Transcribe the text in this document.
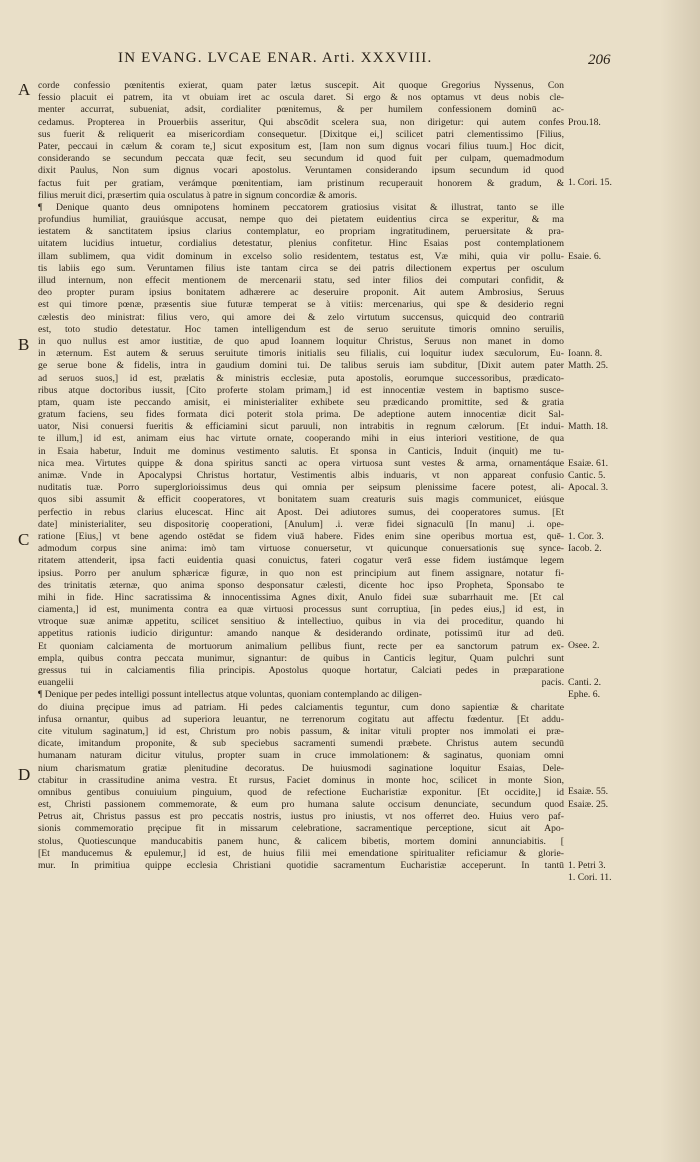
IN EVANG. LVCAE ENAR. Arti. XXXVIII.	206
A
B
C
D
corde confessio pœnitentis exierat, quam pater lætus suscepit. Ait quoque Gregorius Nyssenus, Con
fessio placuit ei patrem, ita vt obuiam iret ac oscula daret. Si ergo & nos optamus vt deus nobis cle-
menter accurrat, subueniat, adsit, cordialiter pœnitemus, & per humilem confessionem dominū ac-
cedamus. Propterea in Prouerbiis asseritur, Qui abscōdit scelera sua, non dirigetur: qui autem confes
sus fuerit & reliquerit ea misericordiam consequetur. [Dixitque ei,] scilicet patri clementissimo [Filius,
Pater, peccaui in cælum & coram te,] sicut expositum est, [Iam non sum dignus vocari filius tuum.] Hoc dicit,
considerando se secundum peccata quæ fecit, seu secundum id quod fuit per culpam, quemadmodum
dixit Paulus, Non sum dignus vocari apostolus. Veruntamen considerando ipsum secundum id quod
factus fuit per gratiam, verámque pœnitentiam, iam pristinum recuperauit honorem & gradum, &
filius meruit dici, præsertim quia osculatus à patre in signum concordiæ & amoris.
¶ Denique quanto deus omnipotens hominem peccatorem gratiosius visitat & illustrat, tanto se ille
profundius humiliat, grauiúsque accusat, nempe quo dei pietatem euidentius circa se experitur, & ma
iestatem & sanctitatem ipsius clarius contemplatur, eo propriam ingratitudinem, peruersitate & pra-
uitatem lucidius intuetur, cordialius detestatur, plenius confitetur. Hinc Esaias post contemplationem
illam sublimem, qua vidit dominum in excelso solio residentem, testatus est, Væ mihi, quia vir pollu-
tis labiis ego sum. Veruntamen filius iste tantam circa se dei patris dilectionem expertus per osculum
illud internum, non effecit mentionem de mercenarii statu, sed inter filios dei computari confidit, &
deo propter puram ipsius bonitatem adhærere ac deseruire proponit. Ait autem Ambrosius, Seruus
est qui timore pœnæ, præsentis siue futuræ temperat se à vitiis: mercenarius, qui spe & desiderio regni
cælestis deo ministrat: filius vero, qui amore dei & zelo virtutum succensus, quicquid deo contrariū
est, toto studio detestatur. Hoc tamen intelligendum est de seruo seruitute timoris omnino seruilis,
in quo nullus est amor iustitiæ, de quo apud Ioannem loquitur Christus, Seruus non manet in domo
in æternum. Est autem & seruus seruitute timoris initialis seu filialis, cui loquitur iudex sæculorum, Eu-
ge serue bone & fidelis, intra in gaudium domini tui. De talibus seruis iam subditur, [Dixit autem pater
ad seruos suos,] id est, prælatis & ministris ecclesiæ, puta apostolis, eorumque successoribus, prædicato-
ribus atque doctoribus iussit, [Cito proferte stolam primam,] id est innocentiæ vestem in baptismo susce-
ptam, quam iste peccando amisit, ei ministerialiter exhibete seu prædicando promittite, sed & gratia
gratum faciens, seu fides formata dici poterit stola prima. De adeptione autem innocentiæ dicit Sal-
uator, Nisi conuersi fueritis & efficiamini sicut paruuli, non intrabitis in regnum cælorum. [Et indui-
te illum,] id est, animam eius hac virtute ornate, cooperando mihi in eius interiori vestitione, de qua
in Esaia habetur, Induit me dominus vestimento salutis. Et sponsa in Canticis, Induit (inquit) me tu-
nica mea. Virtutes quippe & dona spiritus sancti ac opera virtuosa sunt vestes & arma, ornamentáque
animæ. Vnde in Apocalypsi Christus hortatur, Vestimentis albis induaris, vt non appareat confusio
nuditatis tuæ. Porro superglorioissimus deus qui omnia per seipsum plenissime facere potest, ali-
quos sibi assumit & efficit cooperatores, vt bonitatem suam creaturis suis magis communicet, eiúsque
perfectio in rebus clarius elucescat. Hinc ait Apost. Dei adiutores sumus, dei cooperatores sumus. [Et
date] ministerialiter, seu dispositorię cooperationi, [Anulum] .i. veræ fidei signaculū [In manu] .i. ope-
ratione [Eius,] vt bene agendo ostēdat se fidem viuā habere. Fides enim sine operibus mortua est, quē-
admodum corpus sine anima: imò tam virtuose conuersetur, vt quicunque conuersationis suę synce-
ritatem attenderit, ipsa facti euidentia quasi conuictus, fateri cogatur verā esse fidem iustámque legem
ipsius. Porro per anulum sphæricæ figuræ, in quo non est principium aut finem assignare, notatur fi-
des trinitatis æternæ, quo anima sponso desponsatur cælesti, dicente hoc ipso Propheta, Sponsabo te
mihi in fide. Hinc sacratissima & innocentissima Agnes dixit, Anulo fidei suæ subarrhauit me. [Et cal
ciamenta,] id est, munimenta contra ea quæ virtuosi processus sunt corruptiua, [in pedes eius,] id est, in
vtroque suæ animæ appetitu, scilicet sensitiuo & intellectiuo, quibus in via dei proceditur, quando hi
appetitus rationis iudicio diriguntur: amando nanque & desiderando ordinate, potissimū itur ad deū.
Et quoniam calciamenta de mortuorum animalium pellibus fiunt, recte per ea sanctorum patrum ex-
empla, quibus contra peccata munimur, signantur: de quibus in Canticis legitur, Quam pulchri sunt
gressus tui in calciamentis filia principis. Apostolus quoque hortatur, Calciati pedes in præparatione
euangelii pacis.
¶ Denique per pedes intelligi possunt intellectus atque voluntas, quoniam contemplando ac diligen-
do diuina pręcipue imus ad patriam. Hi pedes calciamentis teguntur, cum dono sapientiæ & charitate
infusa ornantur, quibus ad superiora leuantur, ne terrenorum cogitatu aut affectu fœdentur. [Et addu-
cite vitulum saginatum,] id est, Christum pro nobis passum, & initar vituli propter nos immolati ei præ-
dicate, imitandum proponite, & sub speciebus sacramenti sumendi præbete. Christus autem secundū
humanam naturam dicitur vitulus, propter suam in cruce immolationem: & saginatus, quoniam omni
nium charismatum gratiæ plenitudine decoratus. De huiusmodi saginatione loquitur Esaias, Dele-
ctabitur in crassitudine anima vestra. Et rursus, Faciet dominus in monte hoc, scilicet in monte Sion,
omnibus gentibus conuiuium pinguium, quod de refectione Eucharistiæ exponitur. [Et occidite,] id
est, Christi passionem commemorate, & eum pro humana salute occisum denunciate, secundum quod
Petrus ait, Christus passus est pro peccatis nostris, iustus pro iniustis, vt nos offerret deo. Huius vero paf-
sionis commemoratio pręcipue fit in missarum celebratione, sacramentique perceptione, sicut ait Apo-
stolus, Quotiescunque manducabitis panem hunc, & calicem bibetis, mortem domini annunciabitis. [
[Et manducemus & epulemur,] id est, de huius filii mei emendatione spiritualiter reficiamur & glorie-
mur. In primitiua quippe ecclesia Christiani quotidie sacramentum Eucharistiæ acceperunt. In tantū
Prou.18.
1. Cori. 15.
Esaie. 6.
Ioann. 8.
Matth. 25.
Matth. 18.
Esaiæ. 61.
Cantic. 5.
Apocal. 3.
1. Cor. 3.
Iacob. 2.
Osee. 2.
Canti. 2.
Ephe. 6.
Esaiæ. 55.
Esaiæ. 25.
1. Petri 3.
1. Cori. 11.
